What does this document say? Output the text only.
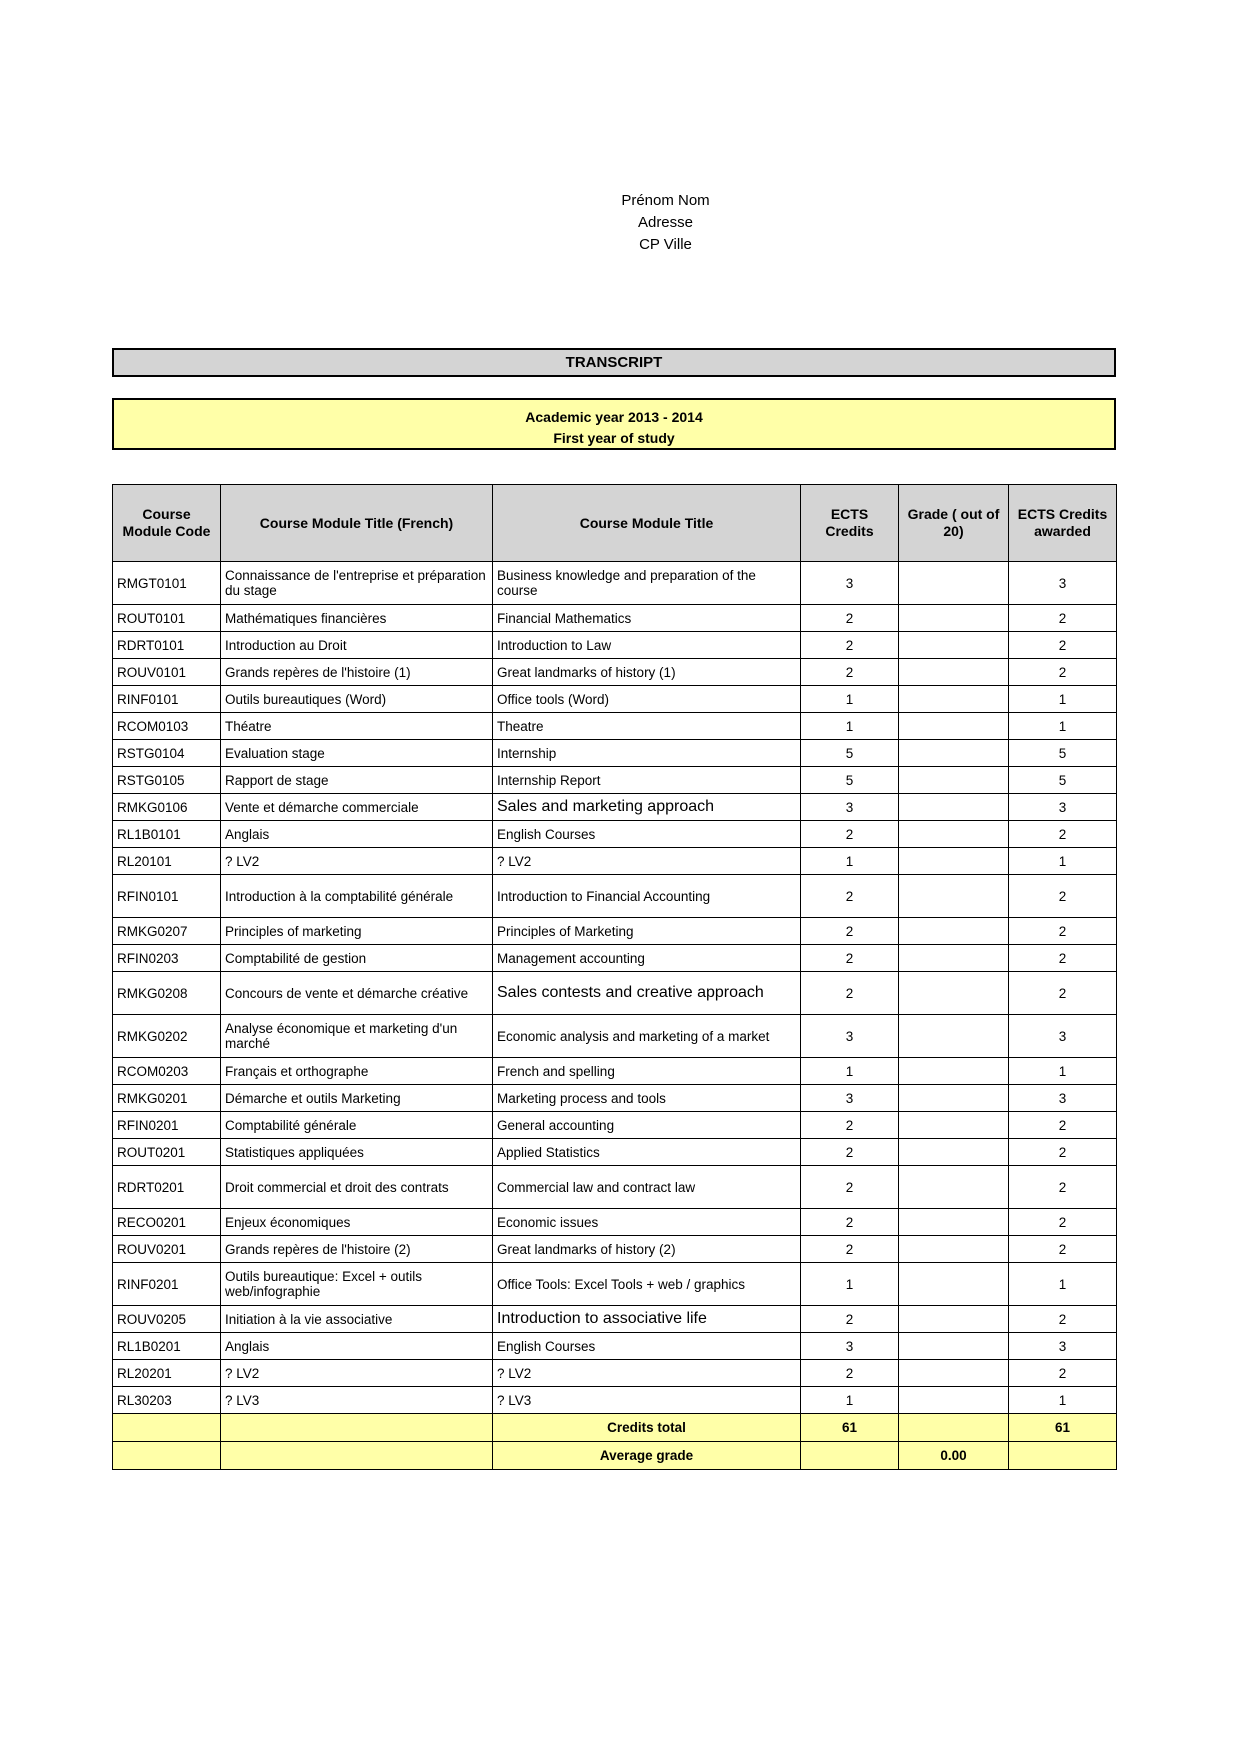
Prénom Nom
Adresse
CP Ville
TRANSCRIPT
Academic year 2013 - 2014
First year of study
Course Module Code	Course Module Title (French)	Course Module Title	ECTS Credits	Grade ( out of 20)	ECTS Credits awarded
RMGT0101	Connaissance de l'entreprise et préparation du stage	Business knowledge and preparation of the course	3		3
ROUT0101	Mathématiques financières	Financial Mathematics	2		2
RDRT0101	Introduction au Droit	Introduction to Law	2		2
ROUV0101	Grands repères de l'histoire (1)	Great landmarks of history (1)	2		2
RINF0101	Outils bureautiques (Word)	Office tools (Word)	1		1
RCOM0103	Théatre	Theatre	1		1
RSTG0104	Evaluation stage	Internship	5		5
RSTG0105	Rapport de stage	Internship Report	5		5
RMKG0106	Vente et démarche commerciale	Sales and marketing approach	3		3
RL1B0101	Anglais	English Courses	2		2
RL20101	? LV2	? LV2	1		1
RFIN0101	Introduction à la comptabilité générale	Introduction to Financial Accounting	2		2
RMKG0207	Principles of marketing	Principles of Marketing	2		2
RFIN0203	Comptabilité de gestion	Management accounting	2		2
RMKG0208	Concours de vente et démarche créative	Sales contests and creative approach	2		2
RMKG0202	Analyse économique et marketing d'un marché	Economic analysis and marketing of a market	3		3
RCOM0203	Français et orthographe	French and spelling	1		1
RMKG0201	Démarche et outils Marketing	Marketing process and tools	3		3
RFIN0201	Comptabilité générale	General accounting	2		2
ROUT0201	Statistiques appliquées	Applied Statistics	2		2
RDRT0201	Droit commercial et droit des contrats	Commercial law and contract law	2		2
RECO0201	Enjeux économiques	Economic issues	2		2
ROUV0201	Grands repères de l'histoire (2)	Great landmarks of history (2)	2		2
RINF0201	Outils bureautique: Excel + outils web/infographie	Office Tools: Excel Tools + web / graphics	1		1
ROUV0205	Initiation à la vie associative	Introduction to associative life	2		2
RL1B0201	Anglais	English Courses	3		3
RL20201	? LV2	? LV2	2		2
RL30203	? LV3	? LV3	1		1
		Credits total	61		61
		Average grade		0.00	
